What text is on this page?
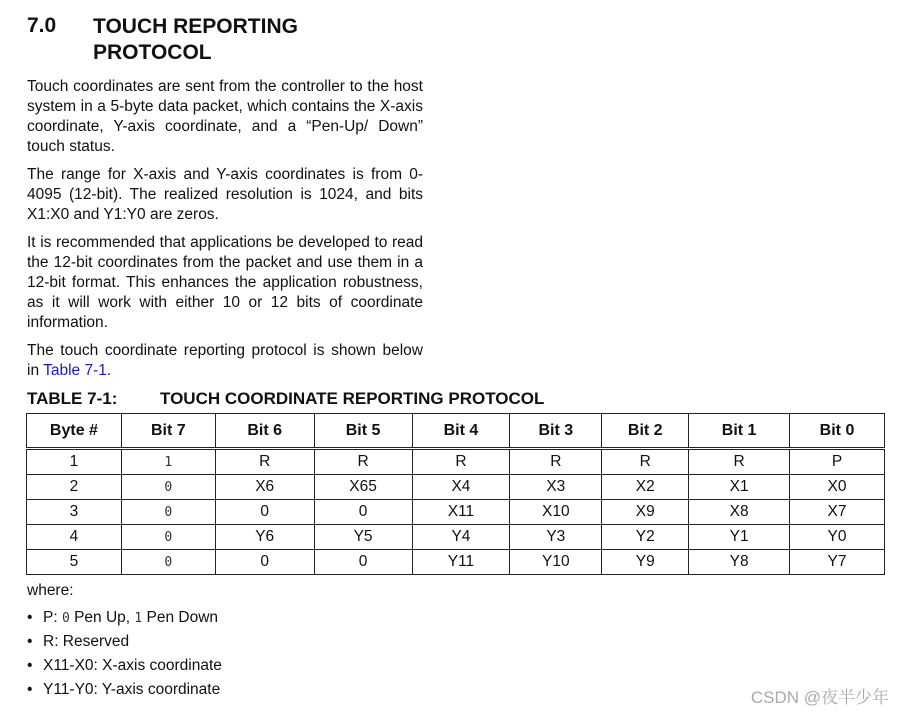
7.0 TOUCH REPORTING
PROTOCOL
Touch coordinates are sent from the controller to the host system in a 5-byte data packet, which contains the X-axis coordinate, Y-axis coordinate, and a “Pen-Up/ Down” touch status.
The range for X-axis and Y-axis coordinates is from 0-4095 (12-bit). The realized resolution is 1024, and bits X1:X0 and Y1:Y0 are zeros.
It is recommended that applications be developed to read the 12-bit coordinates from the packet and use them in a 12-bit format. This enhances the application robustness, as it will work with either 10 or 12 bits of coordinate information.
The touch coordinate reporting protocol is shown below in Table 7-1.
TABLE 7-1:	TOUCH COORDINATE REPORTING PROTOCOL
Byte #	Bit 7	Bit 6	Bit 5	Bit 4	Bit 3	Bit 2	Bit 1	Bit 0
1	1	R	R	R	R	R	R	P
2	0	X6	X65	X4	X3	X2	X1	X0
3	0	0	0	X11	X10	X9	X8	X7
4	0	Y6	Y5	Y4	Y3	Y2	Y1	Y0
5	0	0	0	Y11	Y10	Y9	Y8	Y7
where:
• P: 0 Pen Up, 1 Pen Down
• R: Reserved
• X11-X0: X-axis coordinate
• Y11-Y0: Y-axis coordinate	CSDN @夜半少年
